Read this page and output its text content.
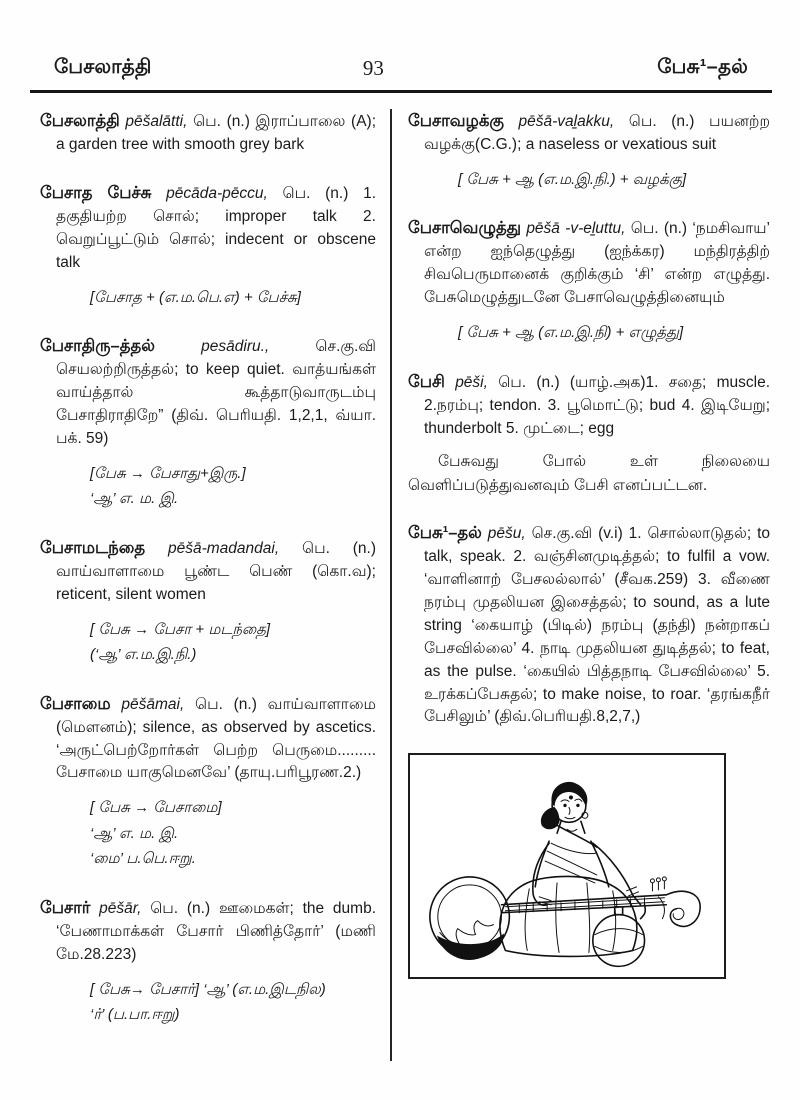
பேசலாத்தி	93	பேசு¹–தல்

பேசலாத்தி pēšalātti, பெ. (n.) இராப்பாலை (A); a garden tree with smooth grey bark

பேசாத பேச்சு pēcāda-pēccu, பெ. (n.) 1. தகுதியற்ற சொல்; improper talk 2. வெறுப்பூட்டும் சொல்; indecent or obscene talk

[பேசாத + (எ.ம.பெ.எ) + பேச்சு]

பேசாதிரு–த்தல்	pesādiru.,	செ.கு.வி செயலற்றிருத்தல்; to keep quiet. வாத்யங்கள் வாய்த்தால் கூத்தாடுவாருடம்பு பேசாதிராதிறே” (திவ். பெரியதி. 1,2,1, வ்யா. பக். 59)

[பேசு → பேசாது+இரு.]
‘ஆ’ எ. ம. இ.

பேசாமடந்தை pēšā-madandai, பெ. (n.) வாய்வாளாமை பூண்ட பெண் (கொ.வ); reticent, silent women

[ பேசு → பேசா + மடந்தை]
(‘ஆ’ எ.ம.இ.நி.)

பேசாமை pēšāmai, பெ. (n.) வாய்வாளாமை (மௌனம்); silence, as observed by ascetics. ‘அருட்பெற்றோர்கள் பெற்ற பெருமை......... பேசாமை யாகுமெனவே’ (தாயு.பரிபூரண.2.)

[ பேசு → பேசாமை]
‘ஆ’ எ. ம. இ.
‘மை’ ப.பெ.ஈறு.

பேசார் pēšār, பெ. (n.) ஊமைகள்; the dumb. ‘பேணாமாக்கள் பேசார் பிணித்தோர்’ (மணி மே.28.223)

[ பேசு→ பேசார்] ‘ஆ’ (எ.ம.இடநில)
‘ர்’ (ப.பா.ஈறு)

பேசாவழக்கு pēšā-vaḻakku, பெ. (n.) பயனற்ற வழக்கு(C.G.); a naseless or vexatious suit

[ பேசு + ஆ (எ.ம.இ.நி.) + வழக்கு]

பேசாவெழுத்து pēšā -v-eḻuttu, பெ. (n.) ‘நமசிவாய’ என்ற ஐந்தெழுத்து (ஐந்க்கர) மந்திரத்திற் சிவபெருமானைக் குறிக்கும் ‘சி’ என்ற எழுத்து. பேசுமெழுத்துடனே பேசாவெழுத்தினையும்

[ பேசு + ஆ (எ.ம.இ.நி) + எழுத்து]

பேசி pēši, பெ. (n.) (யாழ்.அக)1. சதை; muscle. 2.நரம்பு; tendon. 3. பூமொட்டு; bud 4. இடியேறு; thunderbolt 5. முட்டை; egg

பேசுவது போல் உள் நிலையை வெளிப்படுத்துவனவும் பேசி எனப்பட்டன.

பேசு¹–தல் pēšu, செ.கு.வி (v.i) 1. சொல்லாடுதல்; to talk, speak. 2. வஞ்சினமுடித்தல்; to fulfil a vow. ‘வாளினாற் பேசலல்லால்’ (சீவக.259) 3. வீணை நரம்பு முதலியன இசைத்தல்; to sound, as a lute string ‘கையாழ் (பிடில்) நரம்பு (தந்தி) நன்றாகப் பேசவில்லை’ 4. நாடி முதலியன துடித்தல்; to feat, as the pulse. ‘கையில் பித்தநாடி பேசவில்லை’ 5. உரக்கப்பேசுதல்; to make noise, to roar. ‘தரங்கநீர் பேசிலும்’ (திவ்.பெரியதி.8,2,7,)
